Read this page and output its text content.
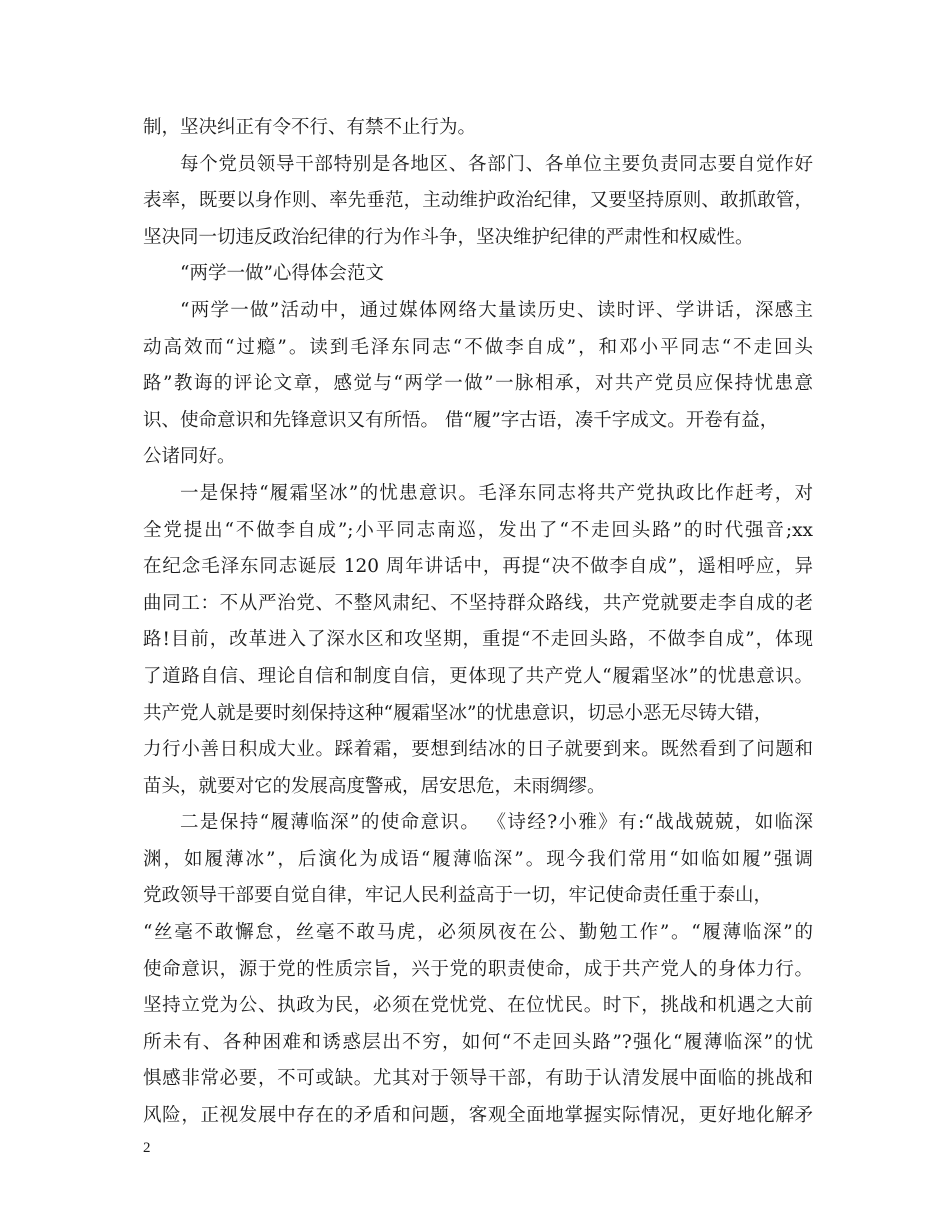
制，坚决纠正有令不行、有禁不止行为。
每个党员领导干部特别是各地区、各部门、各单位主要负责同志要自觉作好
表率，既要以身作则、率先垂范，主动维护政治纪律，又要坚持原则、敢抓敢管，
坚决同一切违反政治纪律的行为作斗争，坚决维护纪律的严肃性和权威性。
“两学一做”心得体会范文
“两学一做”活动中，通过媒体网络大量读历史、读时评、学讲话，深感主
动高效而“过瘾”。读到毛泽东同志“不做李自成”，和邓小平同志“不走回头
路”教诲的评论文章，感觉与“两学一做”一脉相承，对共产党员应保持忧患意
识、使命意识和先锋意识又有所悟。 借“履”字古语，凑千字成文。开卷有益，
公诸同好。
一是保持“履霜坚冰”的忧患意识。毛泽东同志将共产党执政比作赶考，对
全党提出“不做李自成”;小平同志南巡，发出了“不走回头路”的时代强音;xx
在纪念毛泽东同志诞辰 120 周年讲话中，再提“决不做李自成”，遥相呼应，异
曲同工：不从严治党、不整风肃纪、不坚持群众路线，共产党就要走李自成的老
路!目前，改革进入了深水区和攻坚期，重提“不走回头路，不做李自成”，体现
了道路自信、理论自信和制度自信，更体现了共产党人“履霜坚冰”的忧患意识。
共产党人就是要时刻保持这种“履霜坚冰”的忧患意识，切忌小恶无尽铸大错，
力行小善日积成大业。踩着霜，要想到结冰的日子就要到来。既然看到了问题和
苗头，就要对它的发展高度警戒，居安思危，未雨绸缪。
二是保持“履薄临深”的使命意识。 《诗经?小雅》有:“战战兢兢，如临深
渊，如履薄冰”，后演化为成语“履薄临深”。现今我们常用“如临如履”强调
党政领导干部要自觉自律，牢记人民利益高于一切，牢记使命责任重于泰山，
“丝毫不敢懈怠，丝毫不敢马虎，必须夙夜在公、勤勉工作”。“履薄临深”的
使命意识，源于党的性质宗旨，兴于党的职责使命，成于共产党人的身体力行。
坚持立党为公、执政为民，必须在党忧党、在位忧民。时下，挑战和机遇之大前
所未有、各种困难和诱惑层出不穷，如何“不走回头路”?强化“履薄临深”的忧
惧感非常必要，不可或缺。尤其对于领导干部，有助于认清发展中面临的挑战和
风险，正视发展中存在的矛盾和问题，客观全面地掌握实际情况，更好地化解矛
2
